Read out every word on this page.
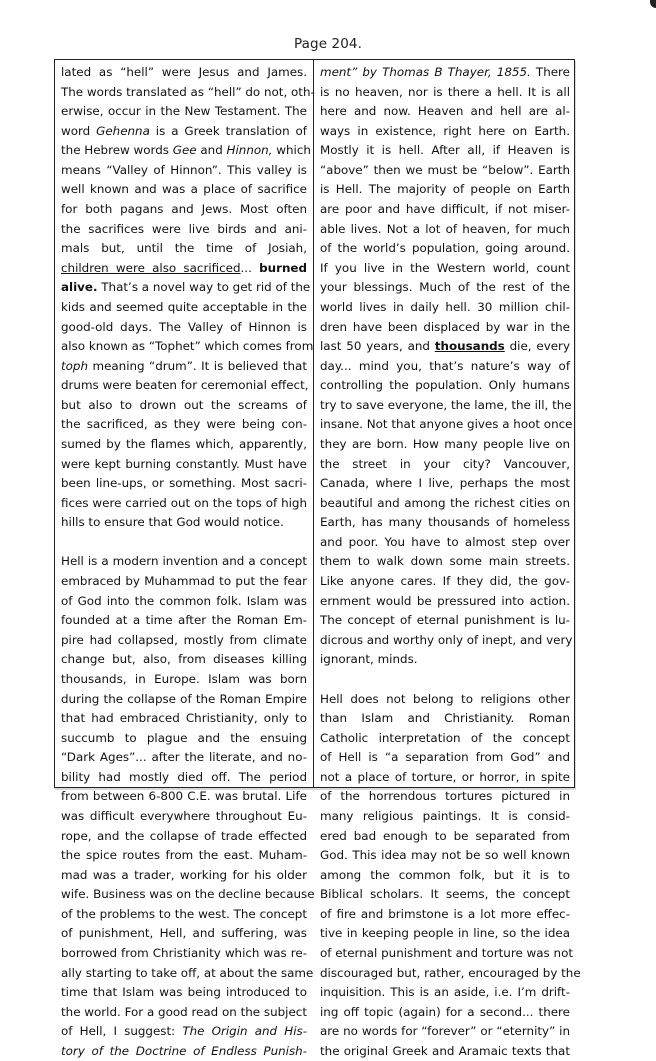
Page 204.
lated as “hell” were Jesus and James.
The words translated as “hell” do not, oth-
erwise, occur in the New Testament. The
word Gehenna is a Greek translation of
the Hebrew words Gee and Hinnon, which
means “Valley of Hinnon”. This valley is
well known and was a place of sacrifice
for both pagans and Jews. Most often
the sacrifices were live birds and ani-
mals but, until the time of Josiah,
children were also sacrificed... burned
alive. That’s a novel way to get rid of the
kids and seemed quite acceptable in the
good-old days. The Valley of Hinnon is
also known as “Tophet” which comes from
toph meaning “drum”. It is believed that
drums were beaten for ceremonial effect,
but also to drown out the screams of
the sacrificed, as they were being con-
sumed by the flames which, apparently,
were kept burning constantly. Must have
been line-ups, or something. Most sacri-
fices were carried out on the tops of high
hills to ensure that God would notice.

Hell is a modern invention and a concept
embraced by Muhammad to put the fear
of God into the common folk. Islam was
founded at a time after the Roman Em-
pire had collapsed, mostly from climate
change but, also, from diseases killing
thousands, in Europe. Islam was born
during the collapse of the Roman Empire
that had embraced Christianity, only to
succumb to plague and the ensuing
“Dark Ages”... after the literate, and no-
bility had mostly died off. The period
from between 6-800 C.E. was brutal. Life
was difficult everywhere throughout Eu-
rope, and the collapse of trade effected
the spice routes from the east. Muham-
mad was a trader, working for his older
wife. Business was on the decline because
of the problems to the west. The concept
of punishment, Hell, and suffering, was
borrowed from Christianity which was re-
ally starting to take off, at about the same
time that Islam was being introduced to
the world. For a good read on the subject
of Hell, I suggest: The Origin and His-
tory of the Doctrine of Endless Punish-
ment” by Thomas B Thayer, 1855. There
is no heaven, nor is there a hell. It is all
here and now. Heaven and hell are al-
ways in existence, right here on Earth.
Mostly it is hell. After all, if Heaven is
“above” then we must be “below”. Earth
is Hell. The majority of people on Earth
are poor and have difficult, if not miser-
able lives. Not a lot of heaven, for much
of the world’s population, going around.
If you live in the Western world, count
your blessings. Much of the rest of the
world lives in daily hell. 30 million chil-
dren have been displaced by war in the
last 50 years, and thousands die, every
day... mind you, that’s nature’s way of
controlling the population. Only humans
try to save everyone, the lame, the ill, the
insane. Not that anyone gives a hoot once
they are born. How many people live on
the street in your city? Vancouver,
Canada, where I live, perhaps the most
beautiful and among the richest cities on
Earth, has many thousands of homeless
and poor. You have to almost step over
them to walk down some main streets.
Like anyone cares. If they did, the gov-
ernment would be pressured into action.
The concept of eternal punishment is lu-
dicrous and worthy only of inept, and very
ignorant, minds.

Hell does not belong to religions other
than Islam and Christianity. Roman
Catholic interpretation of the concept
of Hell is “a separation from God” and
not a place of torture, or horror, in spite
of the horrendous tortures pictured in
many religious paintings. It is consid-
ered bad enough to be separated from
God. This idea may not be so well known
among the common folk, but it is to
Biblical scholars. It seems, the concept
of fire and brimstone is a lot more effec-
tive in keeping people in line, so the idea
of eternal punishment and torture was not
discouraged but, rather, encouraged by the
inquisition. This is an aside, i.e. I’m drift-
ing off topic (again) for a second... there
are no words for “forever” or “eternity” in
the original Greek and Aramaic texts that
